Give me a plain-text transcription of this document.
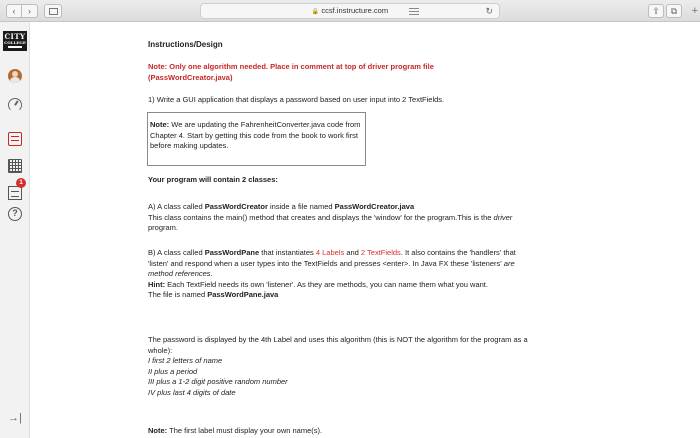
‹	›	🔒 ccsf.instructure.com	↻	⇪	⧉	+
CITY
COLLEGE
1
?
→|

Instructions/Design

Note: Only one algorithm needed. Place in comment at top of driver program file

(PassWordCreator.java)

1) Write a GUI application that displays a password based on user input into 2 TextFields.

Note: We are updating the FahrenheitConverter.java code from Chapter 4. Start by getting this code from the book to work first before making updates.

Your program will contain 2 classes:

A) A class called PassWordCreator inside a file named PassWordCreator.java

This class contains the main() method that creates and displays the 'window' for the program.This is the driver program.

B) A class called PassWordPane that instantiates 4 Labels and 2 TextFields. It also contains the 'handlers' that 'listen' and respond when a user types into the TextFields and presses <enter>. In Java FX these 'listeners' are method references.

Hint: Each TextField needs its own 'listener'. As they are methods, you can name them what you want.

The file is named PassWordPane.java

The password is displayed by the 4th Label and uses this algorithm (this is NOT the algorithm for the program as a whole):

I first 2 letters of name

II plus a period

III plus a 1-2 digit positive random number

IV plus last 4 digits of date

Note: The first label must display your own name(s).
